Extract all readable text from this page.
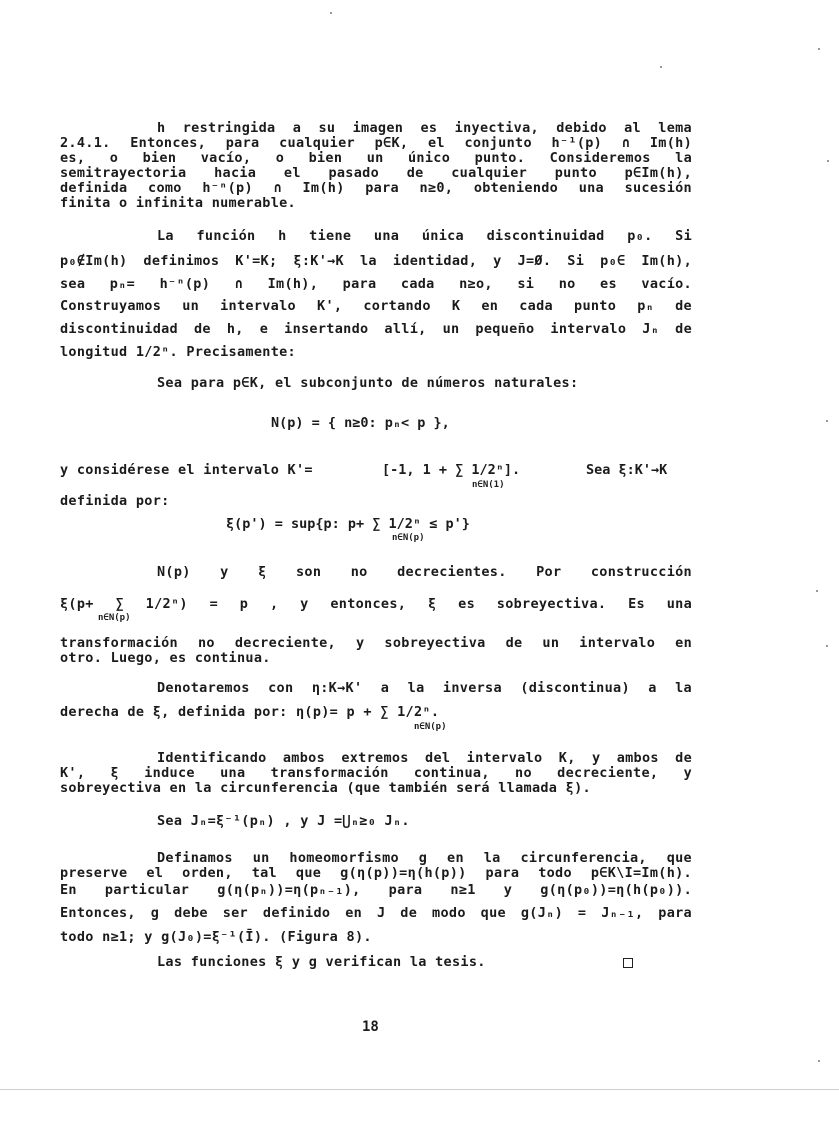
h restringida a su imagen es inyectiva, debido al lema
2.4.1. Entonces, para cualquier p∈K, el conjunto h⁻¹(p) ∩ Im(h)
es, o bien vacío, o bien un único punto. Consideremos la
semitrayectoria hacia el pasado de cualquier punto p∈Im(h),
definida como h⁻ⁿ(p) ∩ Im(h) para n≥0, obteniendo una sucesión
finita o infinita numerable.
La función h tiene una única discontinuidad p₀. Si
p₀∉Im(h) definimos K'=K; ξ:K'→K la identidad, y J=Ø. Si p₀∈ Im(h),
sea pₙ= h⁻ⁿ(p) ∩ Im(h), para cada n≥o, si no es vacío.
Construyamos un intervalo K', cortando K en cada punto pₙ de
discontinuidad de h, e insertando allí, un pequeño intervalo Jₙ de
longitud 1/2ⁿ. Precisamente:
Sea para p∈K, el subconjunto de números naturales:
N(p) = { n≥0: pₙ< p },
y considérese el intervalo K'=	[-1, 1 + ∑ 1/2ⁿ].
n∈N(1)
Sea ξ:K'→K
definida por:
ξ(p') = sup{p: p+ ∑ 1/2ⁿ ≤ p'}
n∈N(p)
N(p) y ξ son no decrecientes. Por construcción
ξ(p+ ∑ 1/2ⁿ) = p , y entonces, ξ es sobreyectiva. Es una
n∈N(p)
transformación no decreciente, y sobreyectiva de un intervalo en
otro. Luego, es continua.
Denotaremos con η:K→K' a la inversa (discontinua) a la
derecha de ξ, definida por: η(p)= p + ∑ 1/2ⁿ.
n∈N(p)
Identificando ambos extremos del intervalo K, y ambos de
K', ξ induce una transformación continua, no decreciente, y
sobreyectiva en la circunferencia (que también será llamada ξ).
Sea Jₙ=ξ⁻¹(pₙ) , y J =⋃ₙ≥₀ Jₙ.
Definamos un homeomorfismo g en la circunferencia, que
preserve el orden, tal que g(η(p))=η(h(p)) para todo p∈K\I=Im(h).
En particular g(η(pₙ))=η(pₙ₋₁), para n≥1 y g(η(p₀))=η(h(p₀)).
Entonces, g debe ser definido en J de modo que g(Jₙ) = Jₙ₋₁, para
todo n≥1; y g(J₀)=ξ⁻¹(Ī). (Figura 8).
Las funciones ξ y g verifican la tesis.
18
